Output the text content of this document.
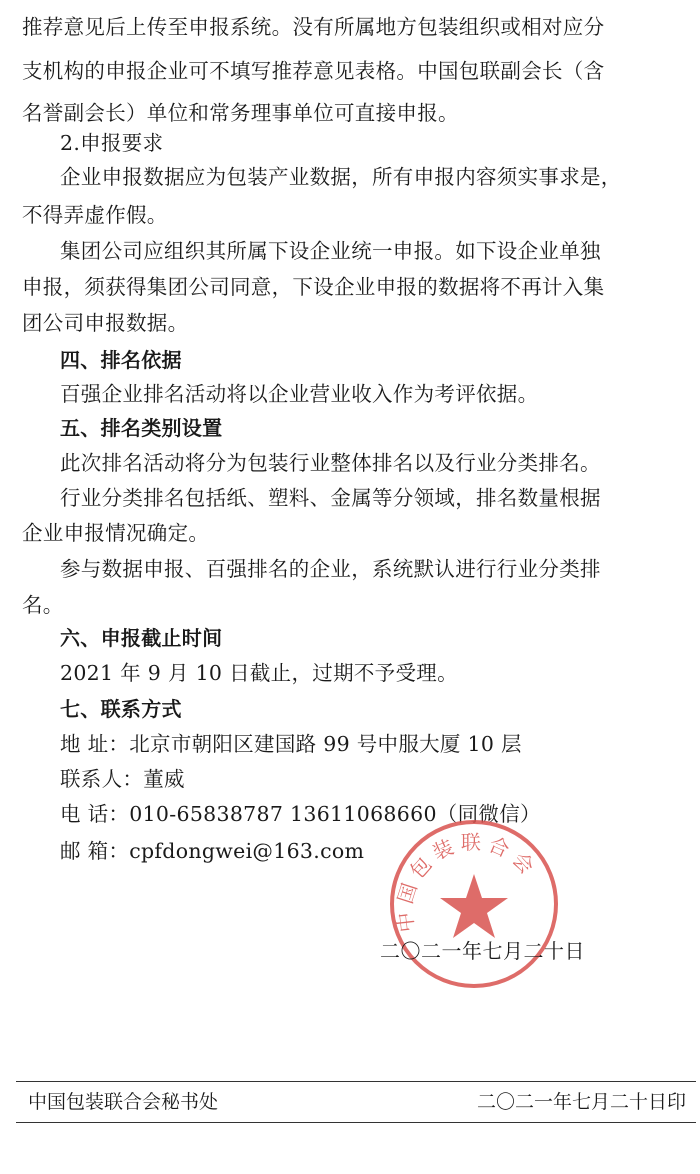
推荐意见后上传至申报系统。没有所属地方包装组织或相对应分
支机构的申报企业可不填写推荐意见表格。中国包联副会长（含
名誉副会长）单位和常务理事单位可直接申报。
2.申报要求
企业申报数据应为包装产业数据，所有申报内容须实事求是，
不得弄虚作假。
集团公司应组织其所属下设企业统一申报。如下设企业单独
申报，须获得集团公司同意，下设企业申报的数据将不再计入集
团公司申报数据。
四、排名依据
百强企业排名活动将以企业营业收入作为考评依据。
五、排名类别设置
此次排名活动将分为包装行业整体排名以及行业分类排名。
行业分类排名包括纸、塑料、金属等分领域，排名数量根据
企业申报情况确定。
参与数据申报、百强排名的企业，系统默认进行行业分类排
名。
六、申报截止时间
2021 年 9 月 10 日截止，过期不予受理。
七、联系方式
地 址：北京市朝阳区建国路 99 号中服大厦 10 层
联系人：董威
电 话：010-65838787 13611068660（同微信）
邮 箱：cpfdongwei@163.com
中国包装联合会
二〇二一年七月二十日
中国包装联合会秘书处	二〇二一年七月二十日印
